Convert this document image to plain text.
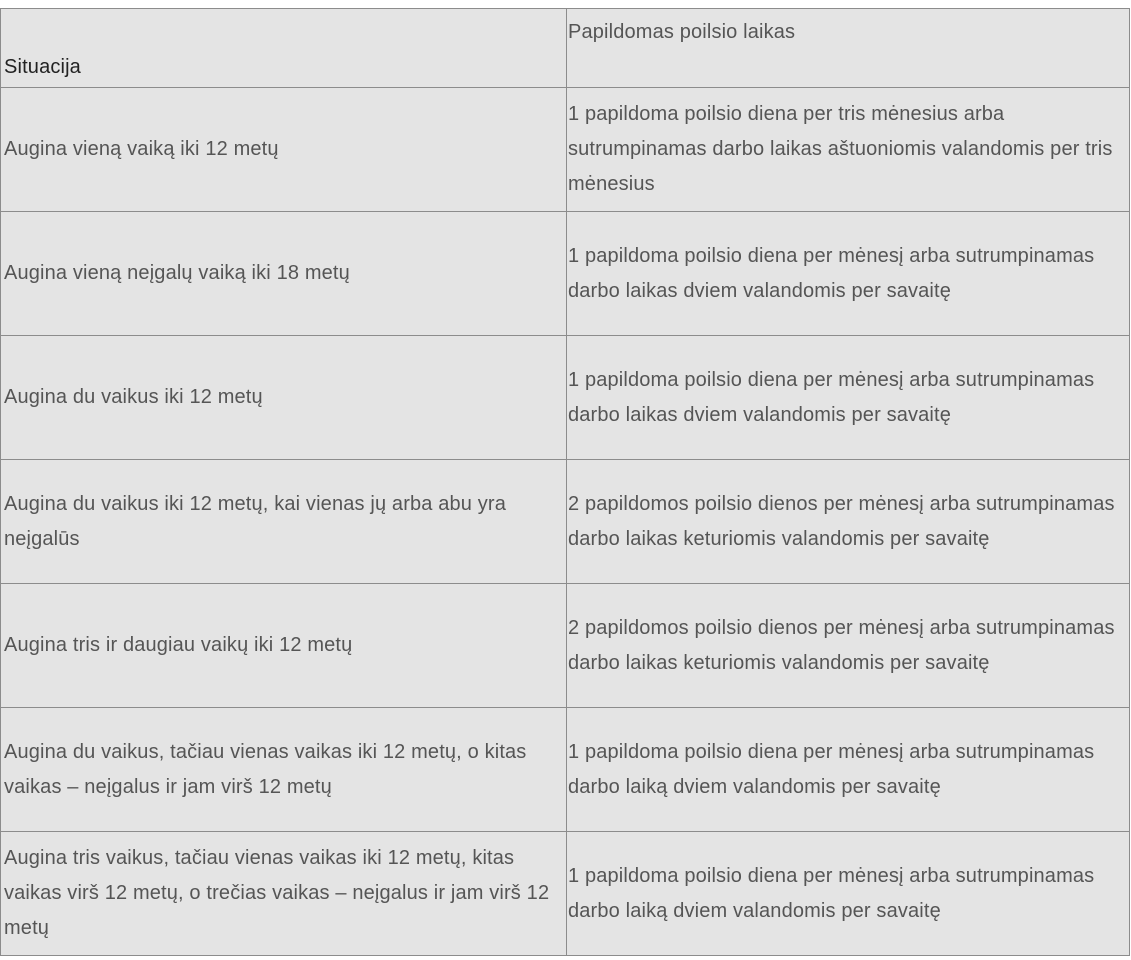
Situacija	Papildomas poilsio laikas
Augina vieną vaiką iki 12 metų	1 papildoma poilsio diena per tris mėnesius arba sutrumpinamas darbo laikas aštuoniomis valandomis per tris mėnesius
Augina vieną neįgalų vaiką iki 18 metų	1 papildoma poilsio diena per mėnesį arba sutrumpinamas darbo laikas dviem valandomis per savaitę
Augina du vaikus iki 12 metų	1 papildoma poilsio diena per mėnesį arba sutrumpinamas darbo laikas dviem valandomis per savaitę
Augina du vaikus iki 12 metų, kai vienas jų arba abu yra neįgalūs	2 papildomos poilsio dienos per mėnesį arba sutrumpinamas darbo laikas keturiomis valandomis per savaitę
Augina tris ir daugiau vaikų iki 12 metų	2 papildomos poilsio dienos per mėnesį arba sutrumpinamas darbo laikas keturiomis valandomis per savaitę
Augina du vaikus, tačiau vienas vaikas iki 12 metų, o kitas vaikas – neįgalus ir jam virš 12 metų	1 papildoma poilsio diena per mėnesį arba sutrumpinamas darbo laiką dviem valandomis per savaitę
Augina tris vaikus, tačiau vienas vaikas iki 12 metų, kitas vaikas virš 12 metų, o trečias vaikas – neįgalus ir jam virš 12 metų	1 papildoma poilsio diena per mėnesį arba sutrumpinamas darbo laiką dviem valandomis per savaitę
